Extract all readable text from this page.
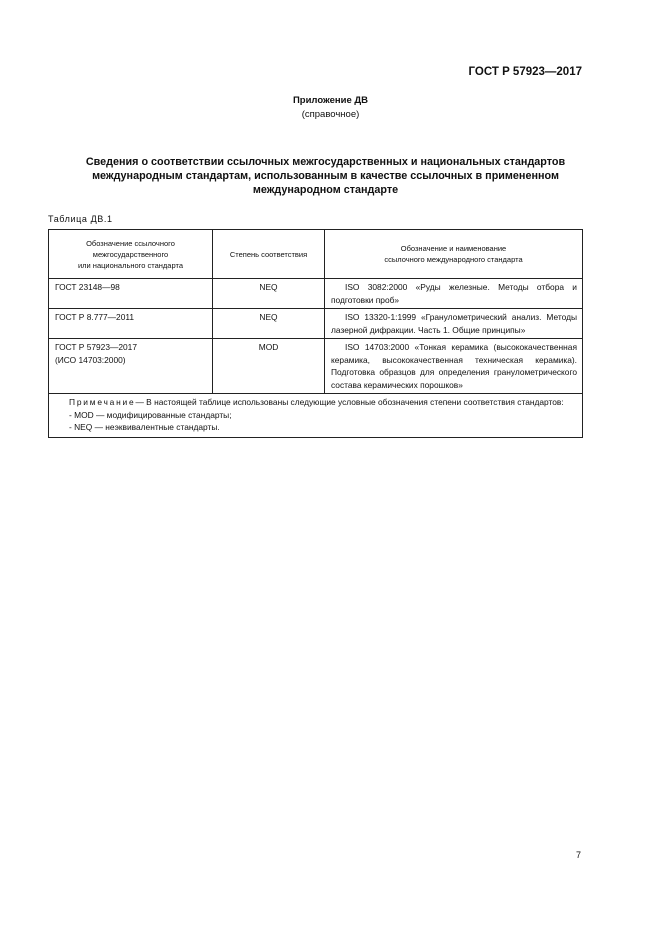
ГОСТ Р 57923—2017
Приложение ДВ
(справочное)
Сведения о соответствии ссылочных межгосударственных и национальных стандартов
международным стандартам, использованным в качестве ссылочных в примененном
международном стандарте
Таблица ДВ.1
Обозначение ссылочного
межгосударственного
или национального стандарта	Степень соответствия	Обозначение и наименование
ссылочного международного стандарта
ГОСТ 23148—98	NEQ	ISO 3082:2000 «Руды железные. Методы отбора и подготовки проб»

ГОСТ Р 8.777—2011	NEQ	ISO 13320-1:1999 «Гранулометрический анализ. Методы лазерной дифракции. Часть 1. Общие принципы»

ГОСТ Р 57923—2017
(ИСО 14703:2000)	MOD	ISO 14703:2000 «Тонкая керамика (высококачественная керамика, высококачественная техническая керамика). Подготовка образцов для определения гранулометрического состава керамических порошков»

Примечание— В настоящей таблице использованы следующие условные обозначения степени соответствия стандартов:
- MOD — модифицированные стандарты;
- NEQ — неэквивалентные стандарты.		
7
